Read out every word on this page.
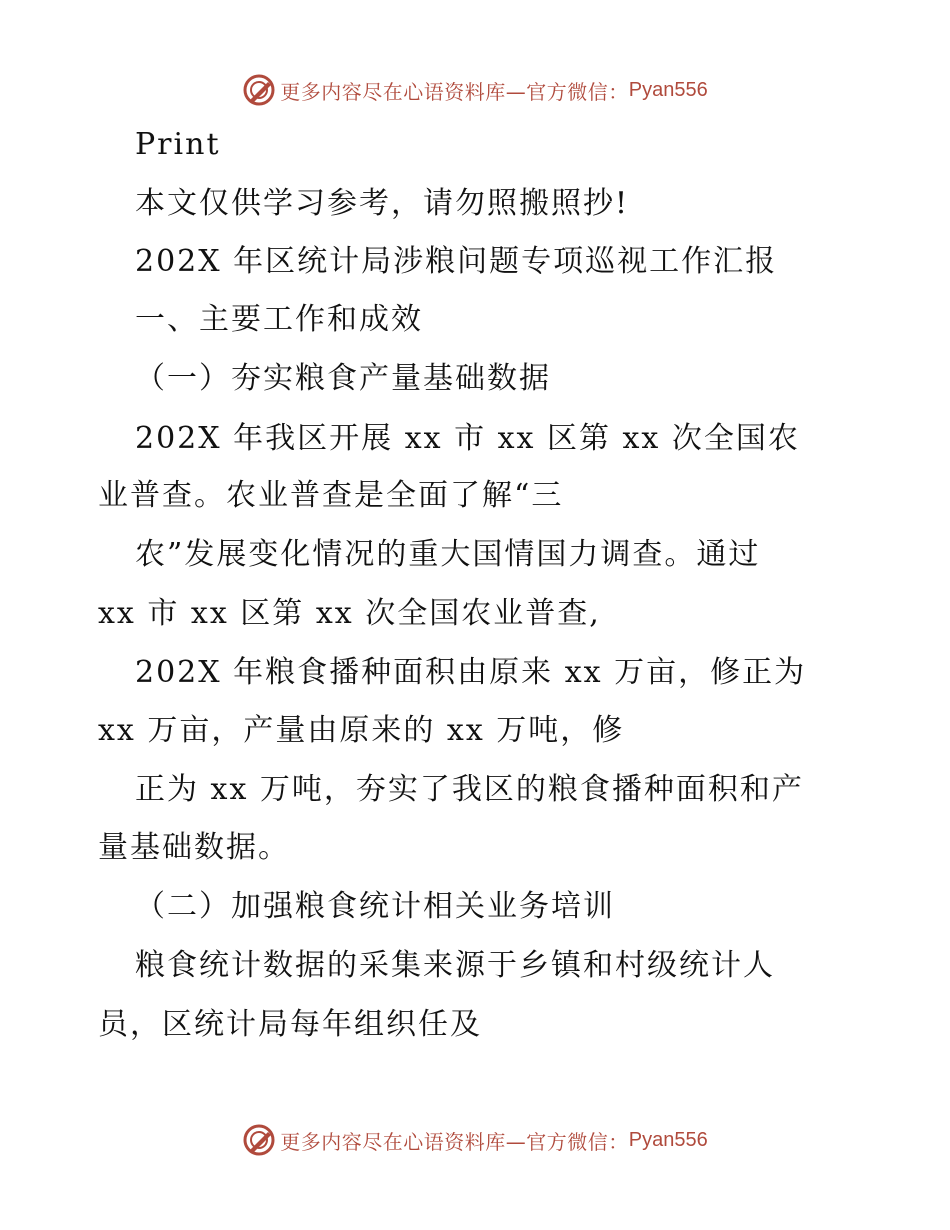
更多内容尽在心语资料库—官方微信： Pyan556
Print
本文仅供学习参考，请勿照搬照抄!
202X 年区统计局涉粮问题专项巡视工作汇报
一、主要工作和成效
（一）夯实粮食产量基础数据
202X 年我区开展 xx 市 xx 区第 xx 次全国农
业普查。农业普查是全面了解“三
农”发展变化情况的重大国情国力调查。通过
xx 市 xx 区第 xx 次全国农业普查,
202X 年粮食播种面积由原来 xx 万亩，修正为
xx 万亩，产量由原来的 xx 万吨，修
正为 xx 万吨，夯实了我区的粮食播种面积和产
量基础数据。
（二）加强粮食统计相关业务培训
粮食统计数据的采集来源于乡镇和村级统计人
员，区统计局每年组织任及
更多内容尽在心语资料库—官方微信： Pyan556
